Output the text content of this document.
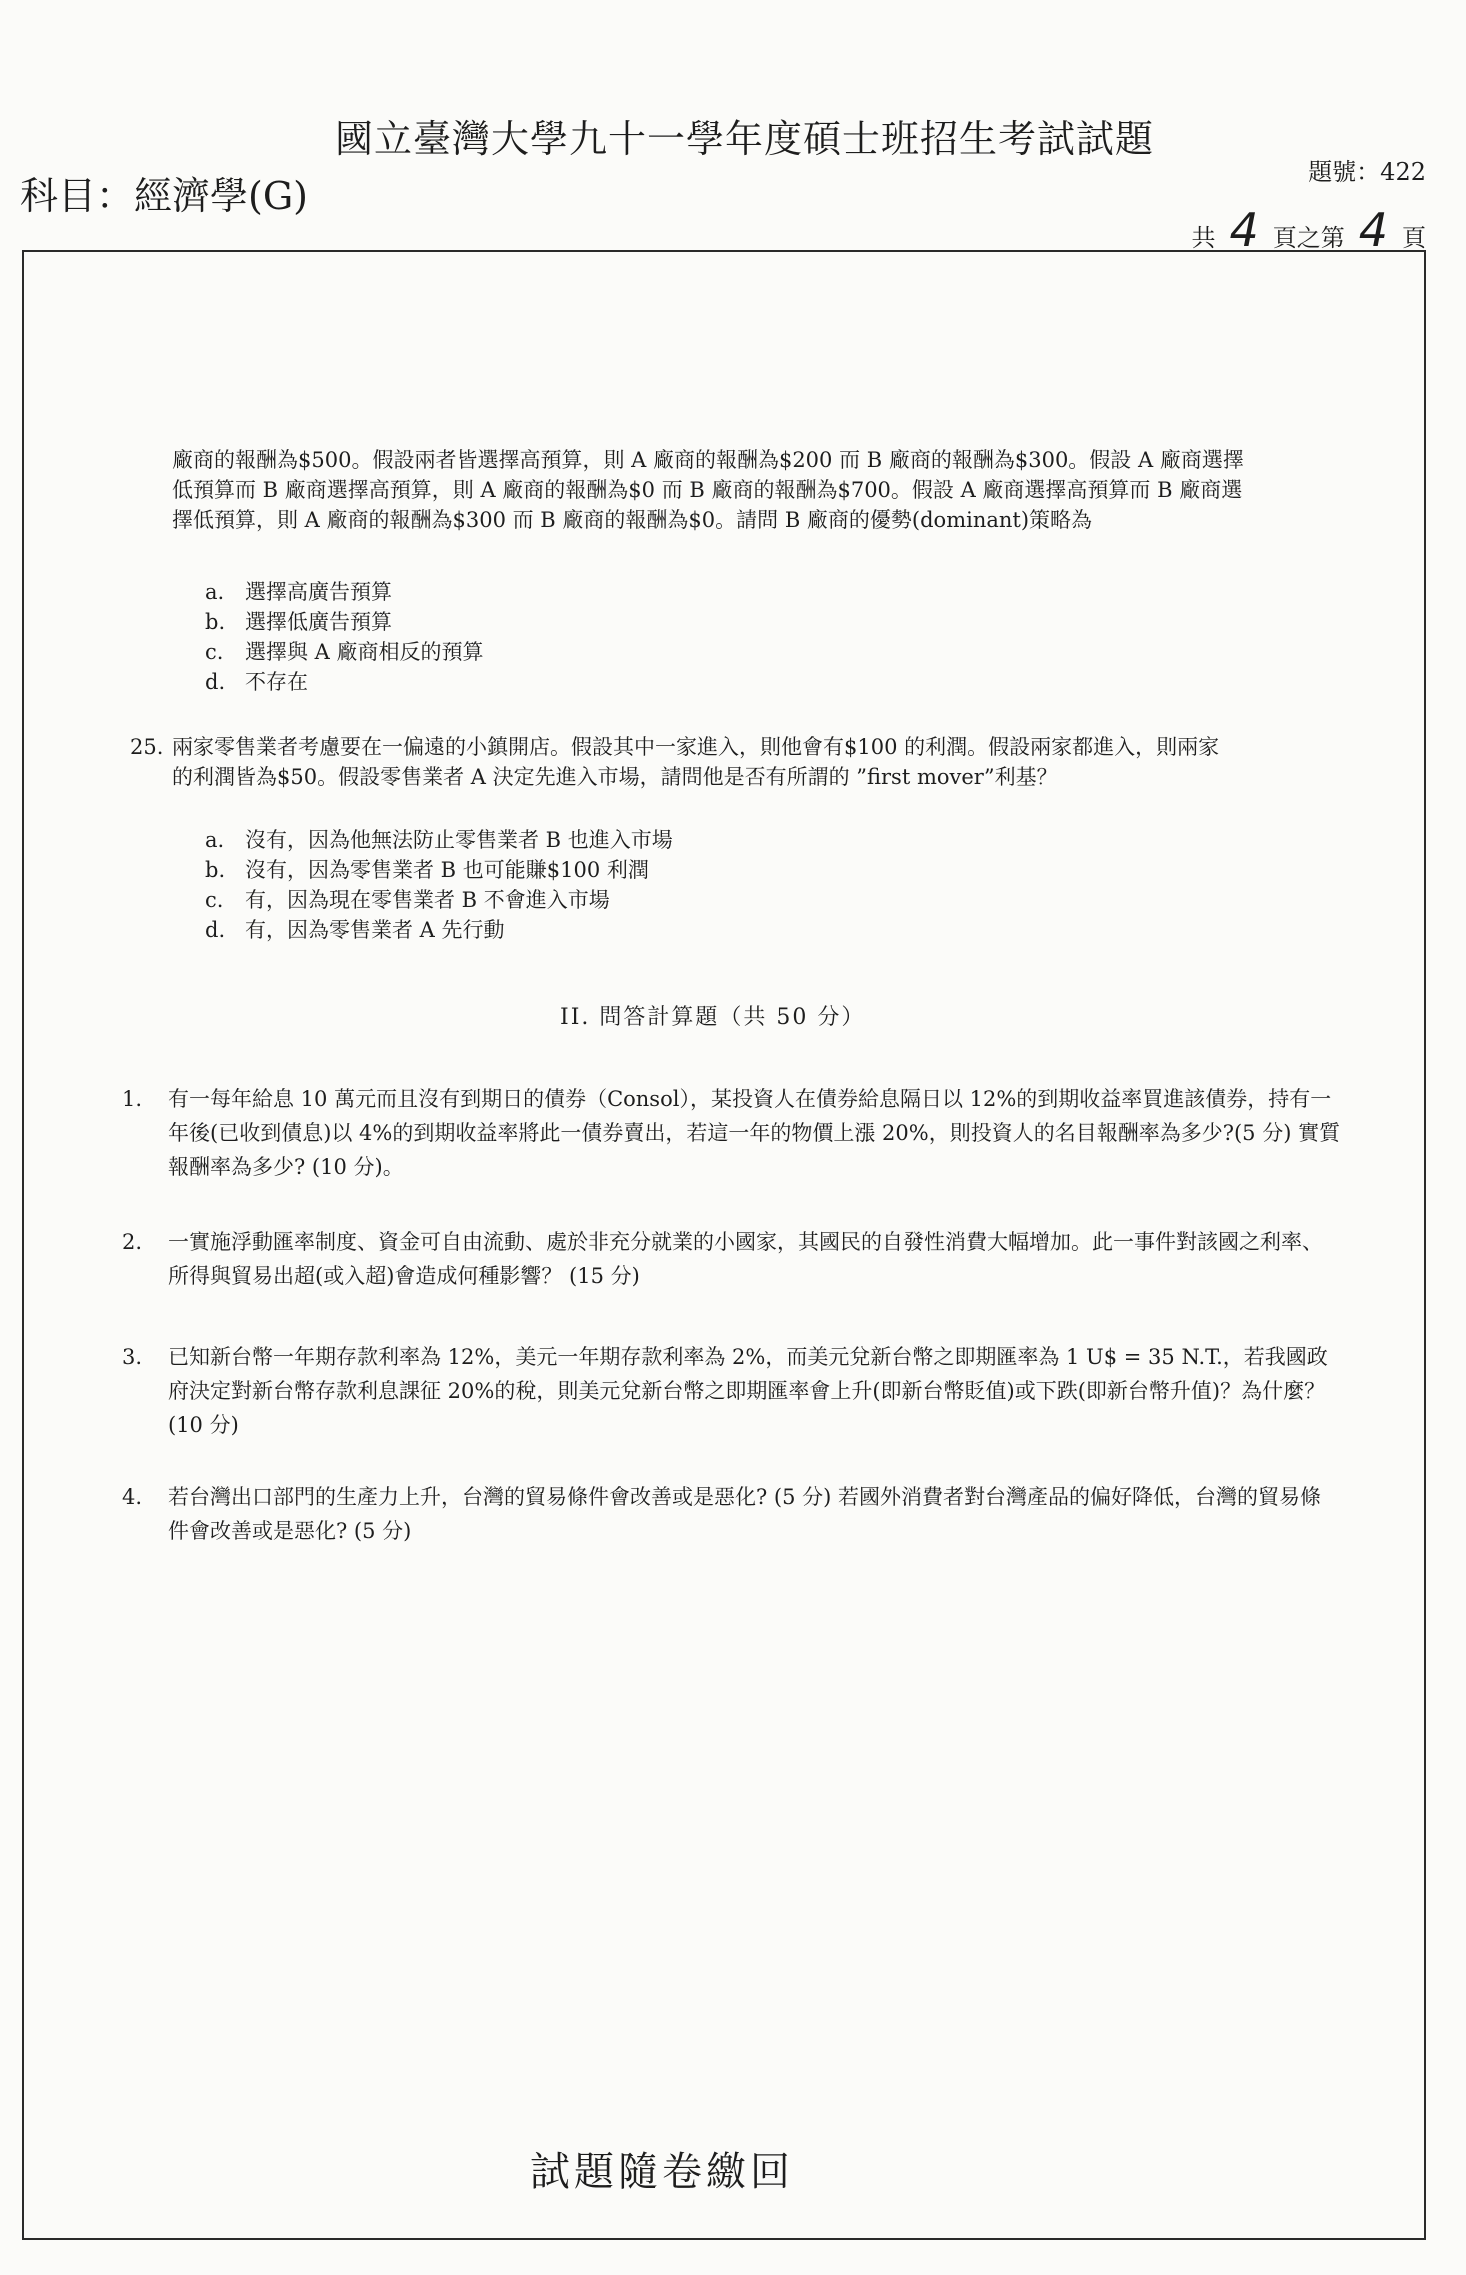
國立臺灣大學九十一學年度碩士班招生考試試題
科目：經濟學(G)
題號：422
共 4 頁之第 4 頁
廠商的報酬為$500。假設兩者皆選擇高預算，則 A 廠商的報酬為$200 而 B 廠商的報酬為$300。假設 A 廠商選擇低預算而 B 廠商選擇高預算，則 A 廠商的報酬為$0 而 B 廠商的報酬為$700。假設 A 廠商選擇高預算而 B 廠商選擇低預算，則 A 廠商的報酬為$300 而 B 廠商的報酬為$0。請問 B 廠商的優勢(dominant)策略為
a. 選擇高廣告預算
b. 選擇低廣告預算
c.	選擇與 A 廠商相反的預算
d. 不存在
25. 兩家零售業者考慮要在一偏遠的小鎮開店。假設其中一家進入，則他會有$100 的利潤。假設兩家都進入，則兩家的利潤皆為$50。假設零售業者 A 決定先進入市場，請問他是否有所謂的 ”first mover”利基？
a. 沒有，因為他無法防止零售業者 B 也進入市場
b. 沒有，因為零售業者 B 也可能賺$100 利潤
c.	有，因為現在零售業者 B 不會進入市場
d. 有，因為零售業者 A 先行動
II. 問答計算題（共 50 分）
1. 有一每年給息 10 萬元而且沒有到期日的債券（Consol），某投資人在債券給息隔日以 12%的到期收益率買進該債券，持有一年後(已收到債息)以 4%的到期收益率將此一債券賣出，若這一年的物價上漲 20%，則投資人的名目報酬率為多少?(5 分) 實質報酬率為多少? (10 分)。
2. 一實施浮動匯率制度、資金可自由流動、處於非充分就業的小國家，其國民的自發性消費大幅增加。此一事件對該國之利率、所得與貿易出超(或入超)會造成何種影響？ (15 分)
3. 已知新台幣一年期存款利率為 12%，美元一年期存款利率為 2%，而美元兌新台幣之即期匯率為 1 U$ = 35 N.T.，若我國政府決定對新台幣存款利息課征 20%的稅，則美元兌新台幣之即期匯率會上升(即新台幣貶值)或下跌(即新台幣升值)？為什麼？ (10 分)
4. 若台灣出口部門的生產力上升，台灣的貿易條件會改善或是惡化? (5 分) 若國外消費者對台灣產品的偏好降低，台灣的貿易條件會改善或是惡化? (5 分)
試題隨卷繳回
